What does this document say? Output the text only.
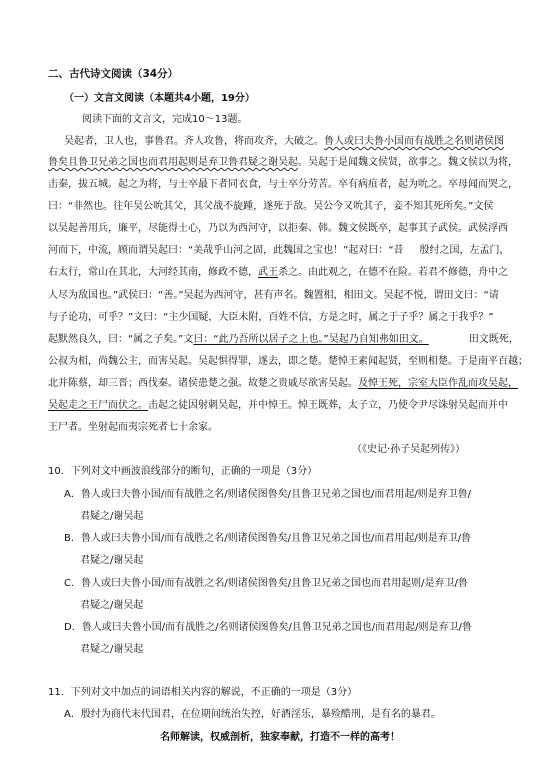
二、古代诗文阅读（34分）
（一）文言文阅读（本题共4小题，19分）
阅读下面的文言文，完成10～13题。
吴起者，卫人也，事鲁君。齐人攻鲁，将而攻齐，大破之。鲁人或曰夫鲁小国而有战胜之名则诸侯图
鲁矣且鲁卫兄弟之国也而君用起则是弃卫鲁君疑之谢吴起。吴起于是闻魏文侯贤，欲事之。魏文侯以为将，
击秦，拔五城。起之为将，与士卒最下者同衣食，与士卒分劳苦。卒有病疽者，起为吮之。卒母闻而哭之，
曰：“非然也。往年吴公吮其父，其父战不旋踵，遂死于敌。吴公今又吮其子，妾不知其死所矣。”文侯
以吴起善用兵，廉平，尽能得士心，乃以为西河守，以拒秦、韩。魏文侯既卒，起事其子武侯。武侯浮西
河而下，中流，顾而谓吴起曰：“美哉乎山河之固，此魏国之宝也！”起对曰：“昔 殷纣之国，左孟门，
右太行，常山在其北，大河经其南，修政不德，武王杀之。由此观之，在德不在险。若君不修德，舟中之
人尽为敌国也。”武侯曰：“善。”吴起为西河守，甚有声名。魏置相，相田文。吴起不悦，谓田文曰：“请
与子论功，可乎？”文曰：“主少国疑，大臣未附，百姓不信，方是之时，属之于子乎？属之于我乎？”
起默然良久，曰：“属之子矣。”文曰：“此乃吾所以居子之上也。”吴起乃自知弗如田文。	田文既死，
公叔为相，尚魏公主，而害吴起。吴起惧得罪，遂去，即之楚。楚悼王素闻起贤，至则相楚。于是南平百越；
北并陈蔡，却三晋；西伐秦。诸侯患楚之强。故楚之贵戚尽欲害吴起。及悼王死，宗室大臣作乱而攻吴起，
吴起走之王尸而伏之。击起之徒因射刺吴起，并中悼王。悼王既葬，太子立，乃使令尹尽诛射吴起而并中
王尸者。坐射起而夷宗死者七十余家。
（《史记·孙子吴起列传》）
10．下列对文中画波浪线部分的断句，正确的一项是（3分）
A．鲁人或曰夫鲁小国/而有战胜之名/则诸侯图鲁矣/且鲁卫兄弟之国也/而君用起/则是弃卫鲁/
君疑之/谢吴起
B．鲁人或曰夫鲁小国/而有战胜之名/则诸侯图鲁矣/且鲁卫兄弟之国也/而君用起/则是弃卫/鲁
君疑之/谢吴起
C．鲁人或曰夫鲁小国/而有战胜之名/则诸侯图鲁矣/且鲁卫兄弟之国也而君用起则/是弃卫/鲁
君疑之/谢吴起
D．鲁人或曰夫鲁小国/而有战胜之/名则诸侯图鲁矣/且鲁卫兄弟之国也/而君用起/则是弃卫/鲁
君疑之/谢吴起
11．下列对文中加点的词语相关内容的解说，不正确的一项是（3分）
A．殷纣为商代末代国君，在位期间统治失控，好酒淫乐，暴殓酷刑，是有名的暴君。
名师解读，权威剖析，独家奉献，打造不一样的高考！
